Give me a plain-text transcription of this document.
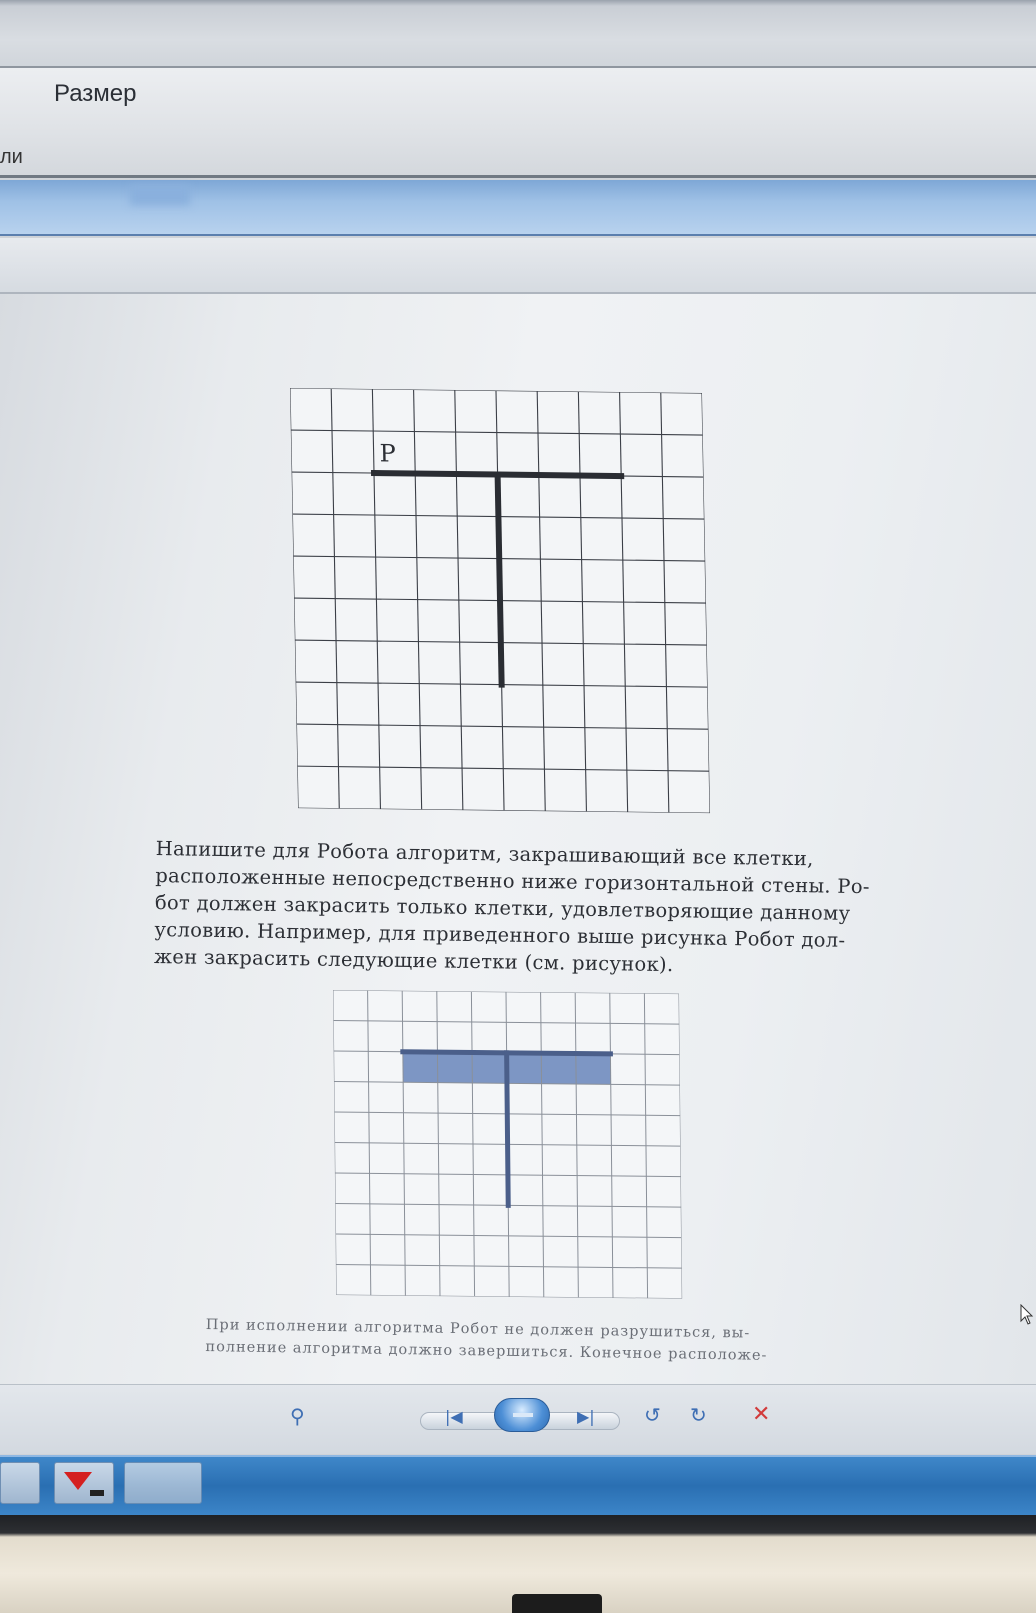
Размер
ли
Р
Напишите для Робота алгоритм, закрашивающий все клетки,
расположенные непосредственно ниже горизонтальной стены. Ро-
бот должен закрасить только клетки, удовлетворяющие данному
условию. Например, для приведенного выше рисунка Робот дол-
жен закрасить следующие клетки (см. рисунок).
При исполнении алгоритма Робот не должен разрушиться, вы-
полнение алгоритма должно завершиться. Конечное расположе-
⚲	|◀	▶| ↺ ↻ ✕
